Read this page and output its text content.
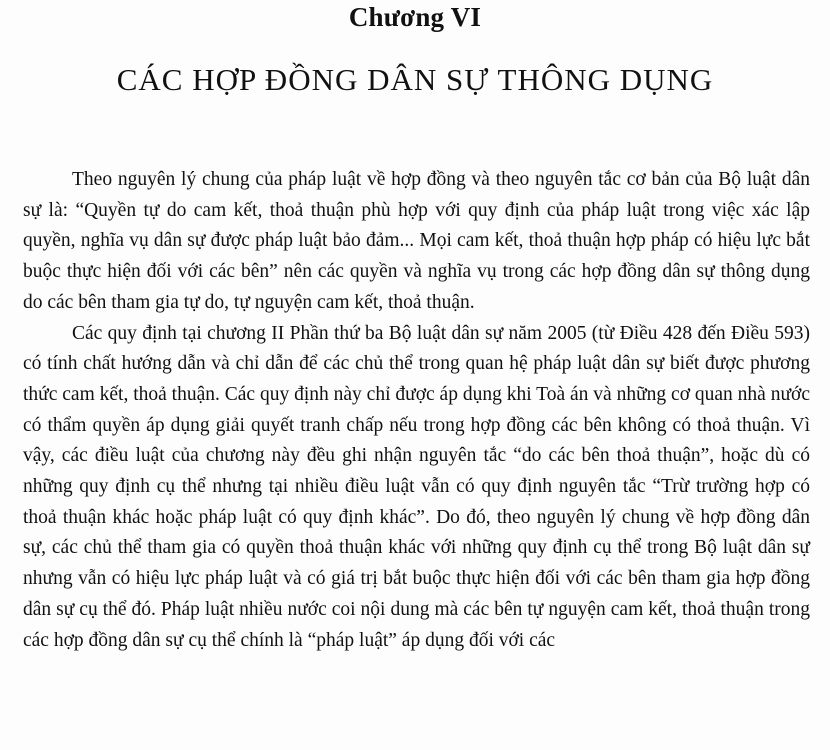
Chương VI
CÁC HỢP ĐỒNG DÂN SỰ THÔNG DỤNG

Theo nguyên lý chung của pháp luật về hợp đồng và theo nguyên tắc cơ bản của Bộ luật dân sự là: “Quyền tự do cam kết, thoả thuận phù hợp với quy định của pháp luật trong việc xác lập quyền, nghĩa vụ dân sự được pháp luật bảo đảm... Mọi cam kết, thoả thuận hợp pháp có hiệu lực bắt buộc thực hiện đối với các bên” nên các quyền và nghĩa vụ trong các hợp đồng dân sự thông dụng do các bên tham gia tự do, tự nguyện cam kết, thoả thuận.

Các quy định tại chương II Phần thứ ba Bộ luật dân sự năm 2005 (từ Điều 428 đến Điều 593) có tính chất hướng dẫn và chỉ dẫn để các chủ thể trong quan hệ pháp luật dân sự biết được phương thức cam kết, thoả thuận. Các quy định này chỉ được áp dụng khi Toà án và những cơ quan nhà nước có thẩm quyền áp dụng giải quyết tranh chấp nếu trong hợp đồng các bên không có thoả thuận. Vì vậy, các điều luật của chương này đều ghi nhận nguyên tắc “do các bên thoả thuận”, hoặc dù có những quy định cụ thể nhưng tại nhiều điều luật vẫn có quy định nguyên tắc “Trừ trường hợp có thoả thuận khác hoặc pháp luật có quy định khác”. Do đó, theo nguyên lý chung về hợp đồng dân sự, các chủ thể tham gia có quyền thoả thuận khác với những quy định cụ thể trong Bộ luật dân sự nhưng vẫn có hiệu lực pháp luật và có giá trị bắt buộc thực hiện đối với các bên tham gia hợp đồng dân sự cụ thể đó. Pháp luật nhiều nước coi nội dung mà các bên tự nguyện cam kết, thoả thuận trong các hợp đồng dân sự cụ thể chính là “pháp luật” áp dụng đối với các
